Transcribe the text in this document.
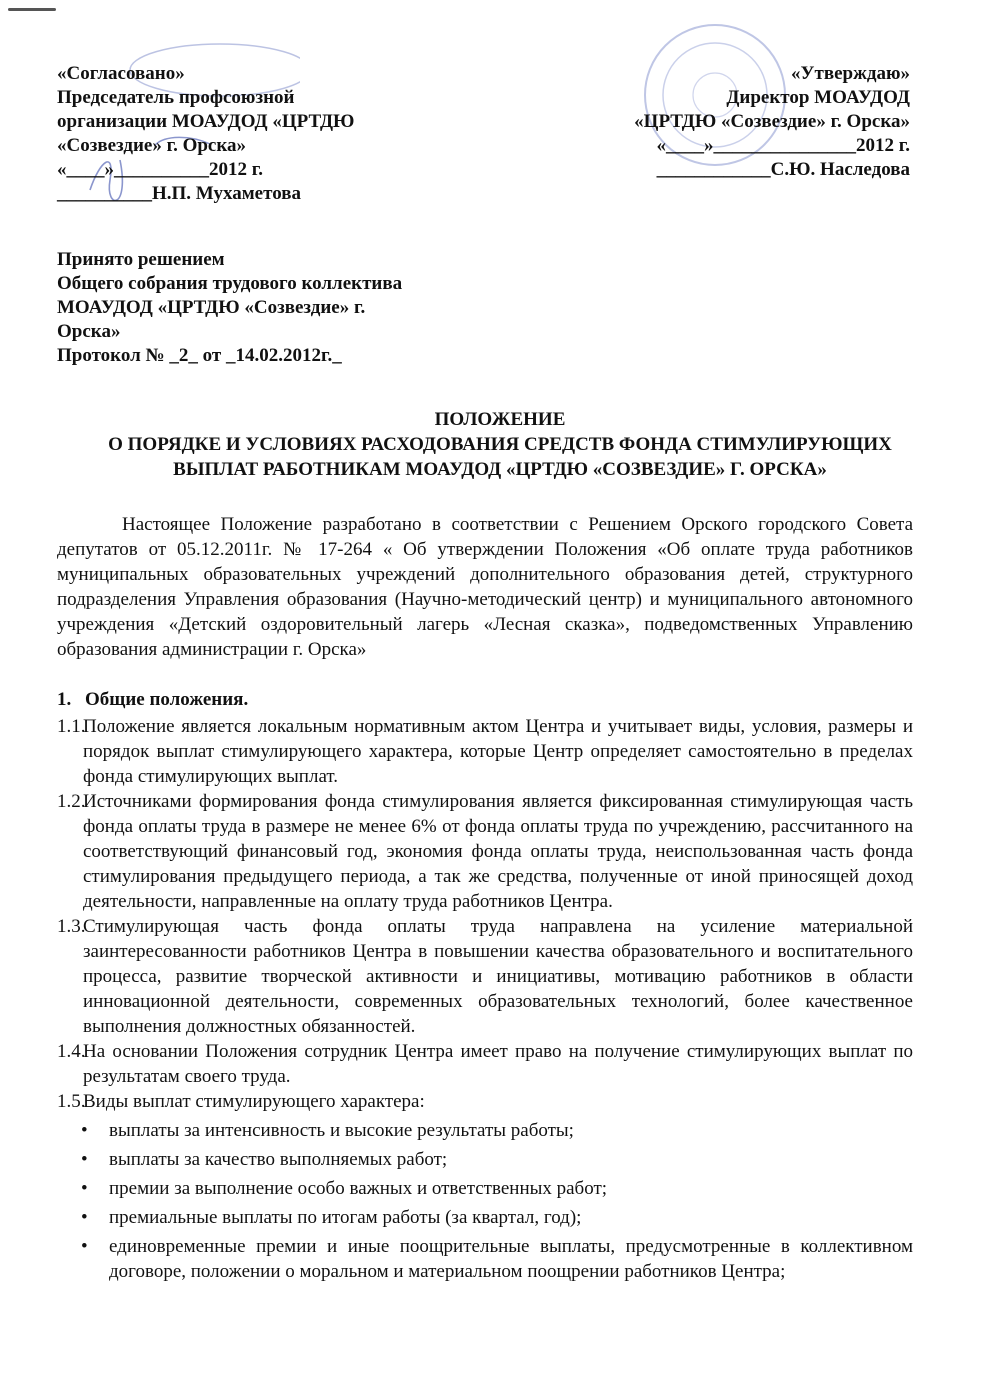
«Согласовано»
Председатель профсоюзной
организации МОАУДОД «ЦРТДЮ
«Созвездие» г. Орска»
«____»__________2012 г.
__________Н.П. Мухаметова
«Утверждаю»
Директор МОАУДОД
«ЦРТДЮ «Созвездие» г. Орска»
«____»_______________2012 г.
____________С.Ю. Наследова
Принято решением
Общего собрания трудового коллектива
МОАУДОД «ЦРТДЮ «Созвездие» г.
Орска»
Протокол № _2_ от _14.02.2012г._
ПОЛОЖЕНИЕ
О ПОРЯДКЕ И УСЛОВИЯХ РАСХОДОВАНИЯ СРЕДСТВ ФОНДА СТИМУЛИРУЮЩИХ
ВЫПЛАТ РАБОТНИКАМ МОАУДОД «ЦРТДЮ «СОЗВЕЗДИЕ» Г. ОРСКА»

Настоящее Положение разработано в соответствии с Решением Орского городского Совета депутатов от 05.12.2011г. № 17-264 « Об утверждении Положения «Об оплате труда работников муниципальных образовательных учреждений дополнительного образования детей, структурного подразделения Управления образования (Научно-методический центр) и муниципального автономного учреждения «Детский оздоровительный лагерь «Лесная сказка», подведомственных Управлению образования администрации г. Орска»

1. Общие положения.
1.1.
Положение является локальным нормативным актом Центра и учитывает виды, условия, размеры и порядок выплат стимулирующего характера, которые Центр определяет самостоятельно в пределах фонда стимулирующих выплат.
1.2.
Источниками формирования фонда стимулирования является фиксированная стимулирующая часть фонда оплаты труда в размере не менее 6% от фонда оплаты труда по учреждению, рассчитанного на соответствующий финансовый год, экономия фонда оплаты труда, неиспользованная часть фонда стимулирования предыдущего периода, а так же средства, полученные от иной приносящей доход деятельности, направленные на оплату труда работников Центра.
1.3.
Стимулирующая часть фонда оплаты труда направлена на усиление материальной заинтересованности работников Центра в повышении качества образовательного и воспитательного процесса, развитие творческой активности и инициативы, мотивацию работников в области инновационной деятельности, современных образовательных технологий, более качественное выполнения должностных обязанностей.
1.4.
На основании Положения сотрудник Центра имеет право на получение стимулирующих выплат по результатам своего труда.
1.5.
Виды выплат стимулирующего характера:
•	выплаты за интенсивность и высокие результаты работы;
•	выплаты за качество выполняемых работ;
•	премии за выполнение особо важных и ответственных работ;
•	премиальные выплаты по итогам работы (за квартал, год);
•	единовременные премии и иные поощрительные выплаты, предусмотренные в коллективном договоре, положении о моральном и материальном поощрении работников Центра;
